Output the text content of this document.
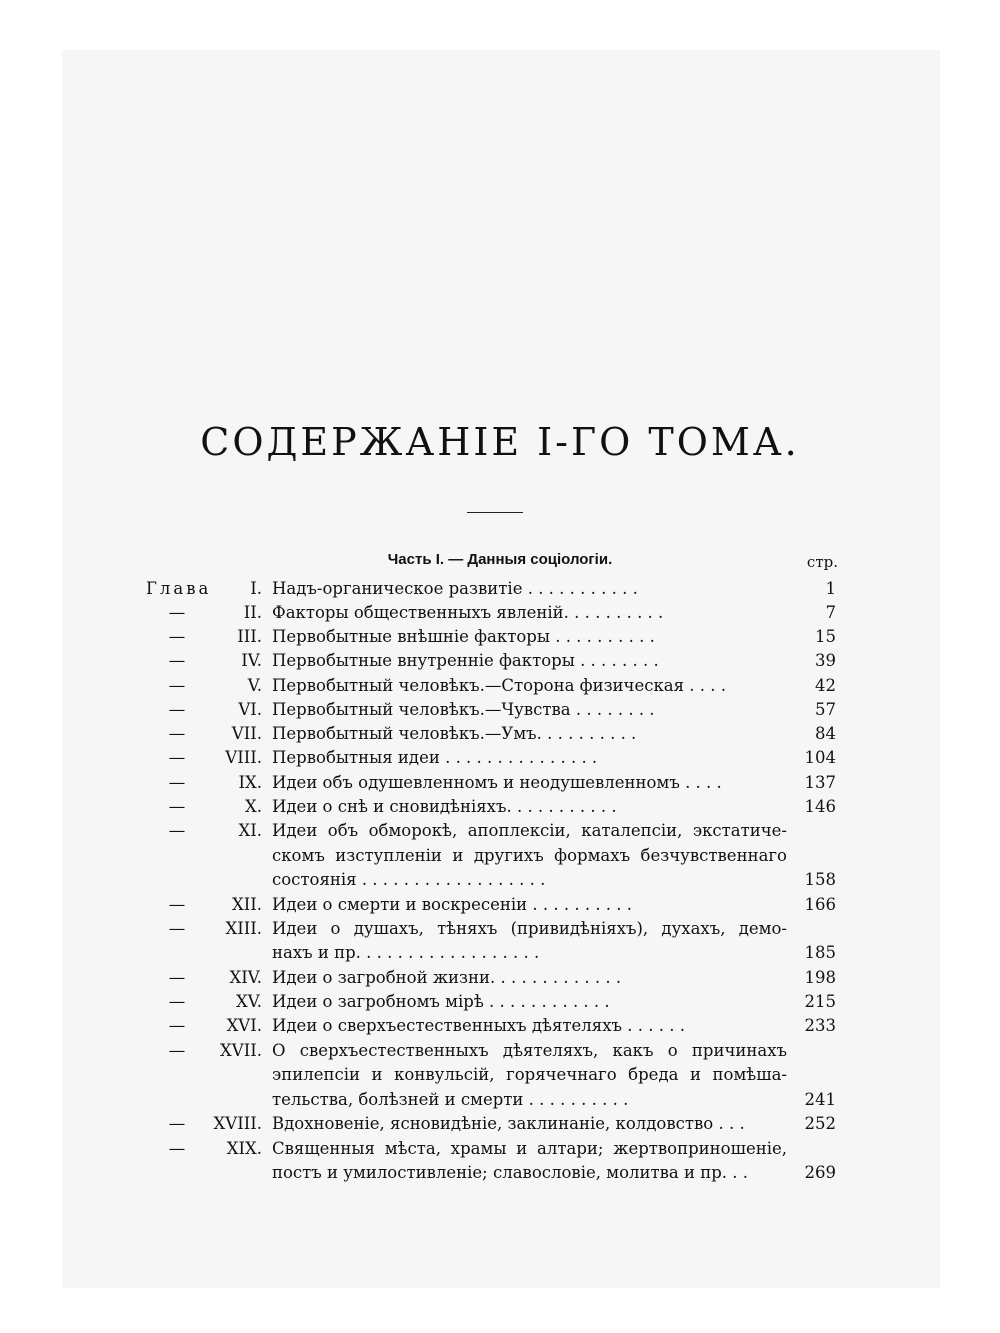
СОДЕРЖАНІЕ І-ГО ТОМА.
Часть І. — Данныя соціологіи.	стр.
Глава	I. Надъ-органическое развитіе . . . . . . . . . . .	1
—	II. Факторы общественныхъ явленій. . . . . . . . . .	7
—	III. Первобытные внѣшніе факторы . . . . . . . . . .	15
—	IV. Первобытные внутренніе факторы . . . . . . . .	39
—	V. Первобытный человѣкъ.—Сторона физическая . . . .	42
—	VI. Первобытный человѣкъ.—Чувства . . . . . . . .	57
—	VII. Первобытный человѣкъ.—Умъ. . . . . . . . . .	84
—	VIII. Первобытныя идеи . . . . . . . . . . . . . . .	104
—	IX. Идеи объ одушевленномъ и неодушевленномъ . . . .	137
—	X. Идеи о снѣ и сновидѣніяхъ. . . . . . . . . . .	146
—	XI. Идеи объ обморокѣ, апоплексіи, каталепсіи, экстатиче-
скомъ изступленіи и другихъ формахъ безчувственнаго
состоянія . . . . . . . . . . . . . . . . . .	158
—	XII. Идеи о смерти и воскресеніи . . . . . . . . . .	166
—	XIII. Идеи о душахъ, тѣняхъ (привидѣніяхъ), духахъ, демо-
нахъ и пр. . . . . . . . . . . . . . . . . .	185
—	XIV. Идеи о загробной жизни. . . . . . . . . . . . .	198
—	XV. Идеи о загробномъ мірѣ . . . . . . . . . . . .	215
—	XVI. Идеи о сверхъестественныхъ дѣятеляхъ . . . . . .	233
—	XVII. О сверхъестественныхъ дѣятеляхъ, какъ о причинахъ
эпилепсіи и конвульсій, горячечнаго бреда и помѣша-
тельства, болѣзней и смерти . . . . . . . . . .	241
—	XVIII. Вдохновеніе, ясновидѣніе, заклинаніе, колдовство . . .	252
—	XIX. Священныя мѣста, храмы и алтари; жертвоприношеніе,
постъ и умилостивленіе; славословіе, молитва и пр. . .	269
